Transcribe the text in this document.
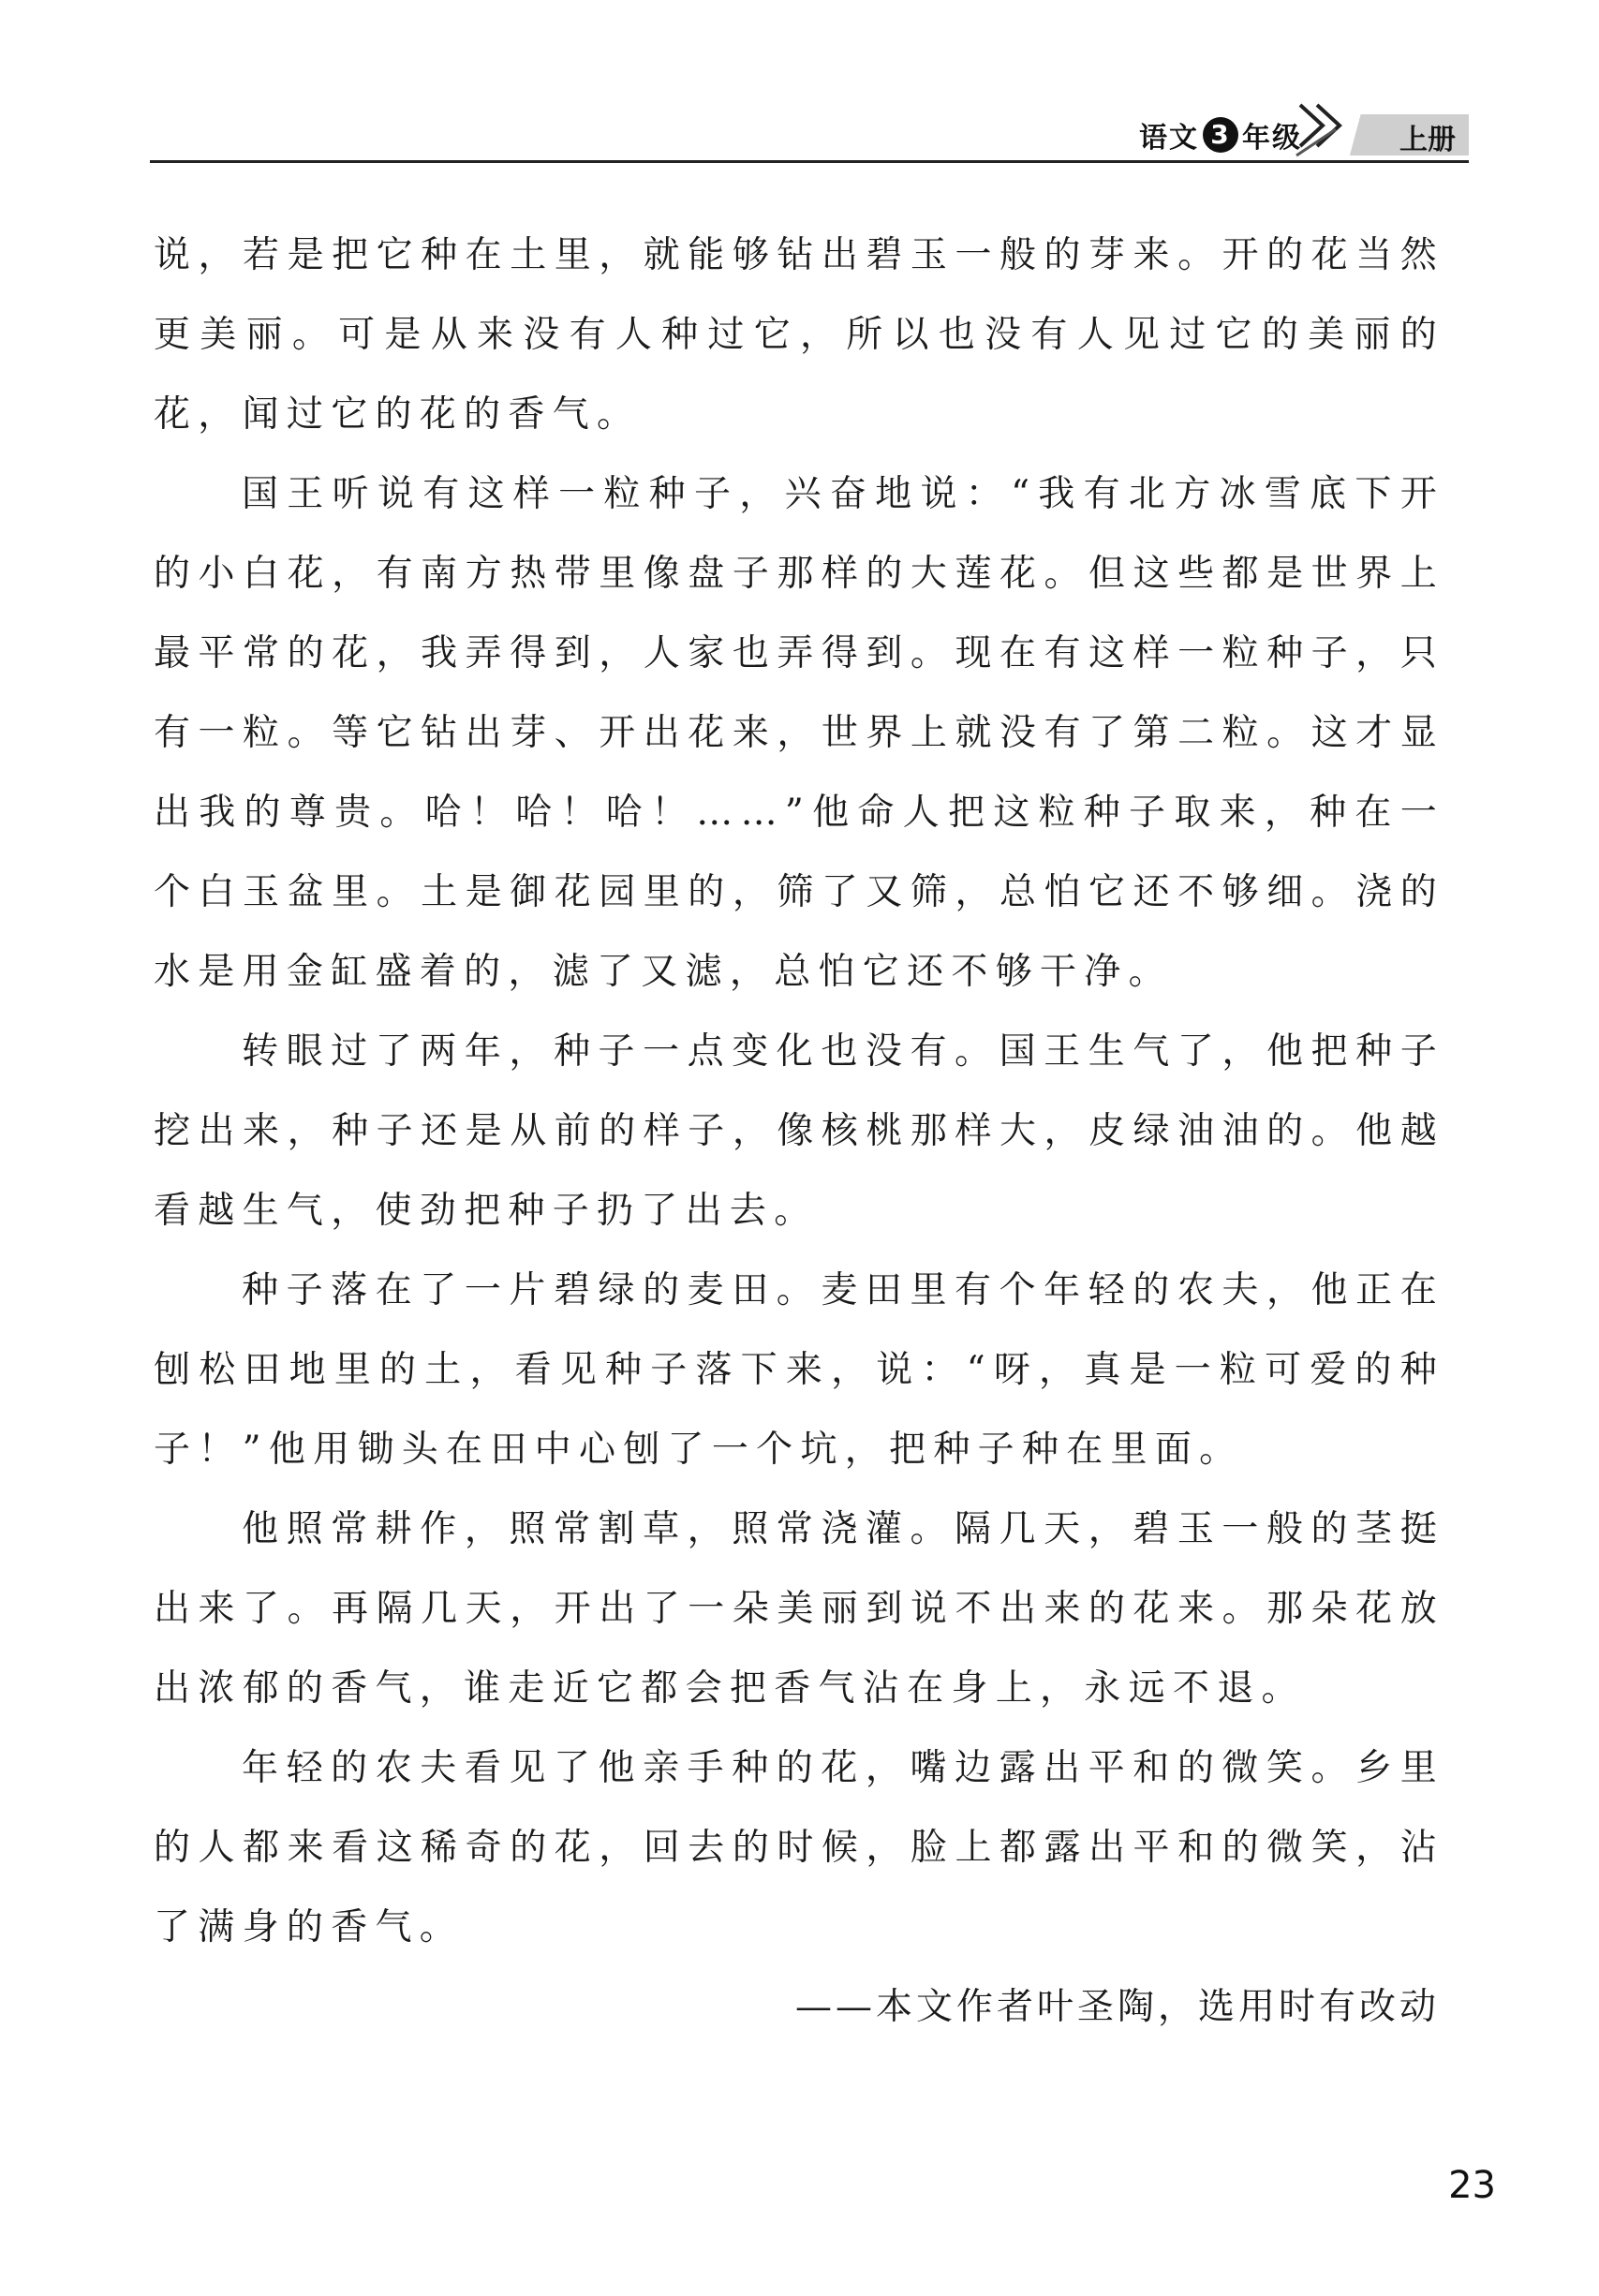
语文 3 年级	上册

说，若是把它种在土里，就能够钻出碧玉一般的芽来。开的花当然更美丽。可是从来没有人种过它，所以也没有人见过它的美丽的花，闻过它的花的香气。

国王听说有这样一粒种子，兴奋地说：“我有北方冰雪底下开的小白花，有南方热带里像盘子那样的大莲花。但这些都是世界上最平常的花，我弄得到，人家也弄得到。现在有这样一粒种子，只有一粒。等它钻出芽、开出花来，世界上就没有了第二粒。这才显出我的尊贵。哈！哈！哈！……”他命人把这粒种子取来，种在一个白玉盆里。土是御花园里的，筛了又筛，总怕它还不够细。浇的水是用金缸盛着的，滤了又滤，总怕它还不够干净。

转眼过了两年，种子一点变化也没有。国王生气了，他把种子挖出来，种子还是从前的样子，像核桃那样大，皮绿油油的。他越看越生气，使劲把种子扔了出去。

种子落在了一片碧绿的麦田。麦田里有个年轻的农夫，他正在刨松田地里的土，看见种子落下来，说：“呀，真是一粒可爱的种子！”他用锄头在田中心刨了一个坑，把种子种在里面。

他照常耕作，照常割草，照常浇灌。隔几天，碧玉一般的茎挺出来了。再隔几天，开出了一朵美丽到说不出来的花来。那朵花放出浓郁的香气，谁走近它都会把香气沾在身上，永远不退。

年轻的农夫看见了他亲手种的花，嘴边露出平和的微笑。乡里的人都来看这稀奇的花，回去的时候，脸上都露出平和的微笑，沾了满身的香气。

——本文作者叶圣陶，选用时有改动
23
